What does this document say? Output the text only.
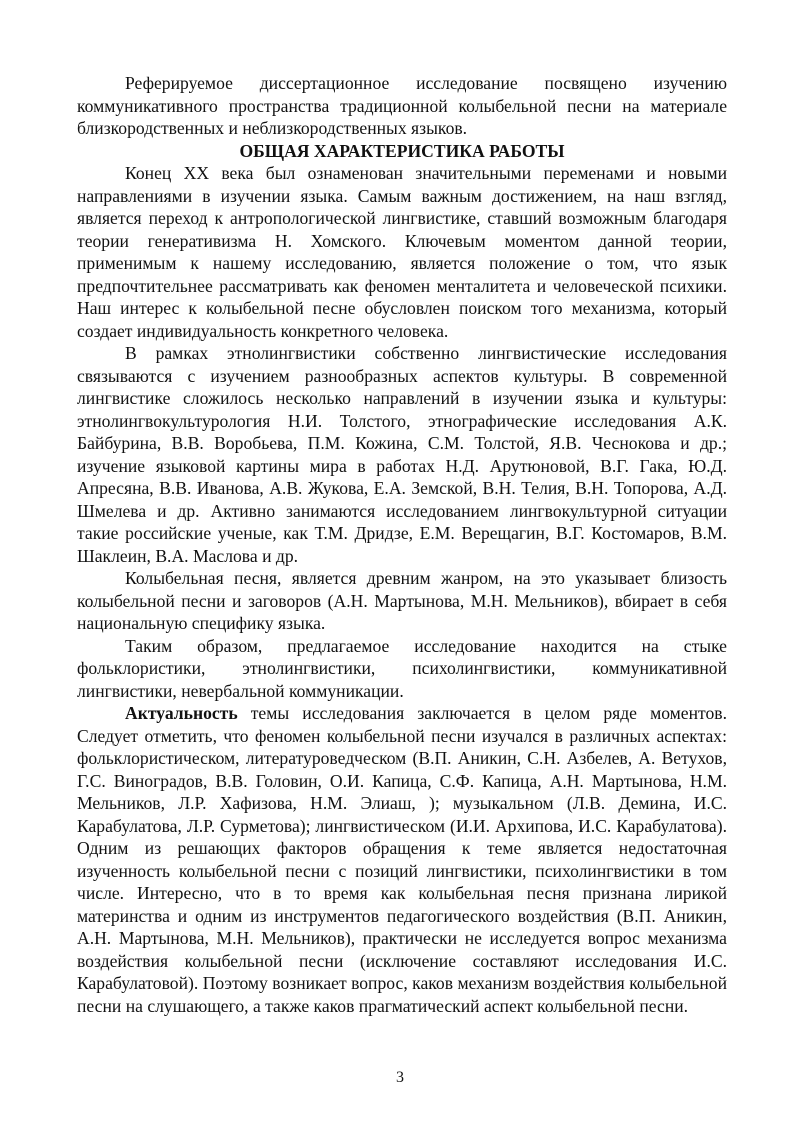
Реферируемое диссертационное исследование посвящено изучению коммуникативного пространства традиционной колыбельной песни на материале близкородственных и неблизкородственных языков.

ОБЩАЯ ХАРАКТЕРИСТИКА РАБОТЫ

Конец XX века был ознаменован значительными переменами и новыми направлениями в изучении языка. Самым важным достижением, на наш взгляд, является переход к антропологической лингвистике, ставший возможным благодаря теории генеративизма Н. Хомского. Ключевым моментом данной теории, применимым к нашему исследованию, является положение о том, что язык предпочтительнее рассматривать как феномен менталитета и человеческой психики. Наш интерес к колыбельной песне обусловлен поиском того механизма, который создает индивидуальность конкретного человека.

В рамках этнолингвистики собственно лингвистические исследования связываются с изучением разнообразных аспектов культуры. В современной лингвистике сложилось несколько направлений в изучении языка и культуры: этнолингвокультурология Н.И. Толстого, этнографические исследования А.К. Байбурина, В.В. Воробьева, П.М. Кожина, С.М. Толстой, Я.В. Чеснокова и др.; изучение языковой картины мира в работах Н.Д. Арутюновой, В.Г. Гака, Ю.Д. Апресяна, В.В. Иванова, А.В. Жукова, Е.А. Земской, В.Н. Телия, В.Н. Топорова, А.Д. Шмелева и др. Активно занимаются исследованием лингвокультурной ситуации такие российские ученые, как Т.М. Дридзе, Е.М. Верещагин, В.Г. Костомаров, В.М. Шаклеин, В.А. Маслова и др.

Колыбельная песня, является древним жанром, на это указывает близость колыбельной песни и заговоров (А.Н. Мартынова, М.Н. Мельников), вбирает в себя национальную специфику языка.

Таким образом, предлагаемое исследование находится на стыке фольклористики, этнолингвистики, психолингвистики, коммуникативной лингвистики, невербальной коммуникации.

Актуальность темы исследования заключается в целом ряде моментов. Следует отметить, что феномен колыбельной песни изучался в различных аспектах: фольклористическом, литературоведческом (В.П. Аникин, С.Н. Азбелев, А. Ветухов, Г.С. Виноградов, В.В. Головин, О.И. Капица, С.Ф. Капица, А.Н. Мартынова, Н.М. Мельников, Л.Р. Хафизова, Н.М. Элиаш, ); музыкальном (Л.В. Демина, И.С. Карабулатова, Л.Р. Сурметова); лингвистическом (И.И. Архипова, И.С. Карабулатова). Одним из решающих факторов обращения к теме является недостаточная изученность колыбельной песни с позиций лингвистики, психолингвистики в том числе. Интересно, что в то время как колыбельная песня признана лирикой материнства и одним из инструментов педагогического воздействия (В.П. Аникин, А.Н. Мартынова, М.Н. Мельников), практически не исследуется вопрос механизма воздействия колыбельной песни (исключение составляют исследования И.С. Карабулатовой). Поэтому возникает вопрос, каков механизм воздействия колыбельной песни на слушающего, а также каков прагматический аспект колыбельной песни.

3
